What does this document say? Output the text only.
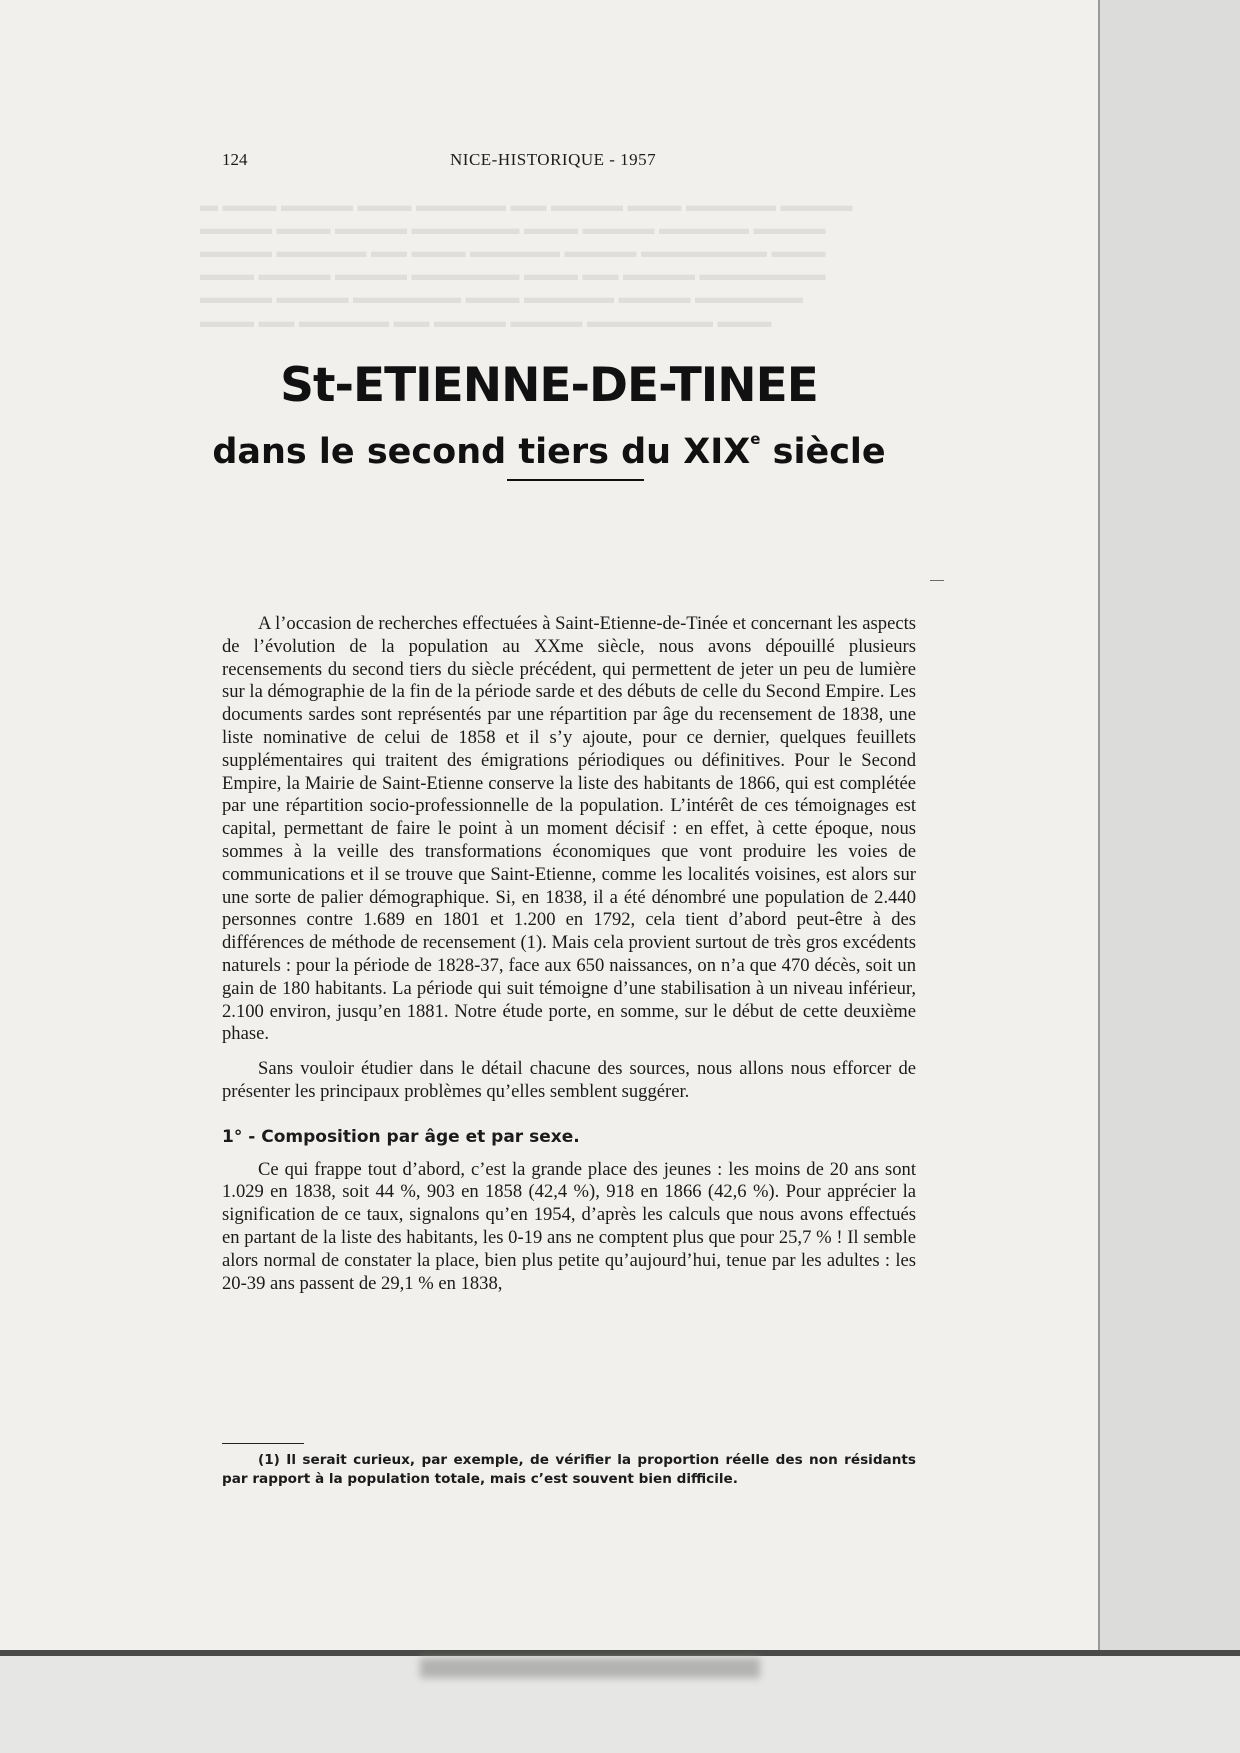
▬ ▬▬▬ ▬▬▬▬ ▬▬▬ ▬▬▬▬▬ ▬▬ ▬▬▬▬ ▬▬▬ ▬▬▬▬▬ ▬▬▬▬
▬▬▬▬ ▬▬▬ ▬▬▬▬ ▬▬▬▬▬▬ ▬▬▬ ▬▬▬▬ ▬▬▬▬▬ ▬▬▬▬
▬▬▬▬ ▬▬▬▬▬ ▬▬ ▬▬▬ ▬▬▬▬▬ ▬▬▬▬ ▬▬▬▬▬▬▬ ▬▬▬
▬▬▬ ▬▬▬▬ ▬▬▬▬ ▬▬▬▬▬▬ ▬▬▬ ▬▬ ▬▬▬▬ ▬▬▬▬▬▬▬
▬▬▬▬ ▬▬▬▬ ▬▬▬▬▬▬ ▬▬▬ ▬▬▬▬▬ ▬▬▬▬ ▬▬▬▬▬▬
▬▬▬ ▬▬ ▬▬▬▬▬ ▬▬ ▬▬▬▬ ▬▬▬▬ ▬▬▬▬▬▬▬ ▬▬▬
124	NICE-HISTORIQUE - 1957
St-ETIENNE-DE-TINEE
dans le second tiers du XIXe siècle

A l’occasion de recherches effectuées à Saint-Etienne-de-Tinée et concernant les aspects de l’évolution de la population au XXme siècle, nous avons dépouillé plusieurs recensements du second tiers du siècle précédent, qui permettent de jeter un peu de lumière sur la démographie de la fin de la période sarde et des débuts de celle du Second Empire. Les documents sardes sont représentés par une répartition par âge du recensement de 1838, une liste nominative de celui de 1858 et il s’y ajoute, pour ce dernier, quelques feuillets supplémentaires qui traitent des émigrations périodiques ou définitives. Pour le Second Empire, la Mairie de Saint-Etienne conserve la liste des habitants de 1866, qui est complétée par une répartition socio-professionnelle de la population. L’intérêt de ces témoignages est capital, permettant de faire le point à un moment décisif : en effet, à cette époque, nous sommes à la veille des transformations économiques que vont produire les voies de communications et il se trouve que Saint-Etienne, comme les localités voisines, est alors sur une sorte de palier démographique. Si, en 1838, il a été dénombré une population de 2.440 personnes contre 1.689 en 1801 et 1.200 en 1792, cela tient d’abord peut-être à des différences de méthode de recensement (1). Mais cela provient surtout de très gros excédents naturels : pour la période de 1828-37, face aux 650 naissances, on n’a que 470 décès, soit un gain de 180 habitants. La période qui suit témoigne d’une stabilisation à un niveau inférieur, 2.100 environ, jusqu’en 1881. Notre étude porte, en somme, sur le début de cette deuxième phase.

Sans vouloir étudier dans le détail chacune des sources, nous allons nous efforcer de présenter les principaux problèmes qu’elles semblent suggérer.

1° - Composition par âge et par sexe.

Ce qui frappe tout d’abord, c’est la grande place des jeunes : les moins de 20 ans sont 1.029 en 1838, soit 44 %, 903 en 1858 (42,4 %), 918 en 1866 (42,6 %). Pour apprécier la signification de ce taux, signalons qu’en 1954, d’après les calculs que nous avons effectués en partant de la liste des habitants, les 0-19 ans ne comptent plus que pour 25,7 % ! Il semble alors normal de constater la place, bien plus petite qu’aujourd’hui, tenue par les adultes : les 20-39 ans passent de 29,1 % en 1838,

(1) Il serait curieux, par exemple, de vérifier la proportion réelle des non résidants par rapport à la population totale, mais c’est souvent bien difficile.
